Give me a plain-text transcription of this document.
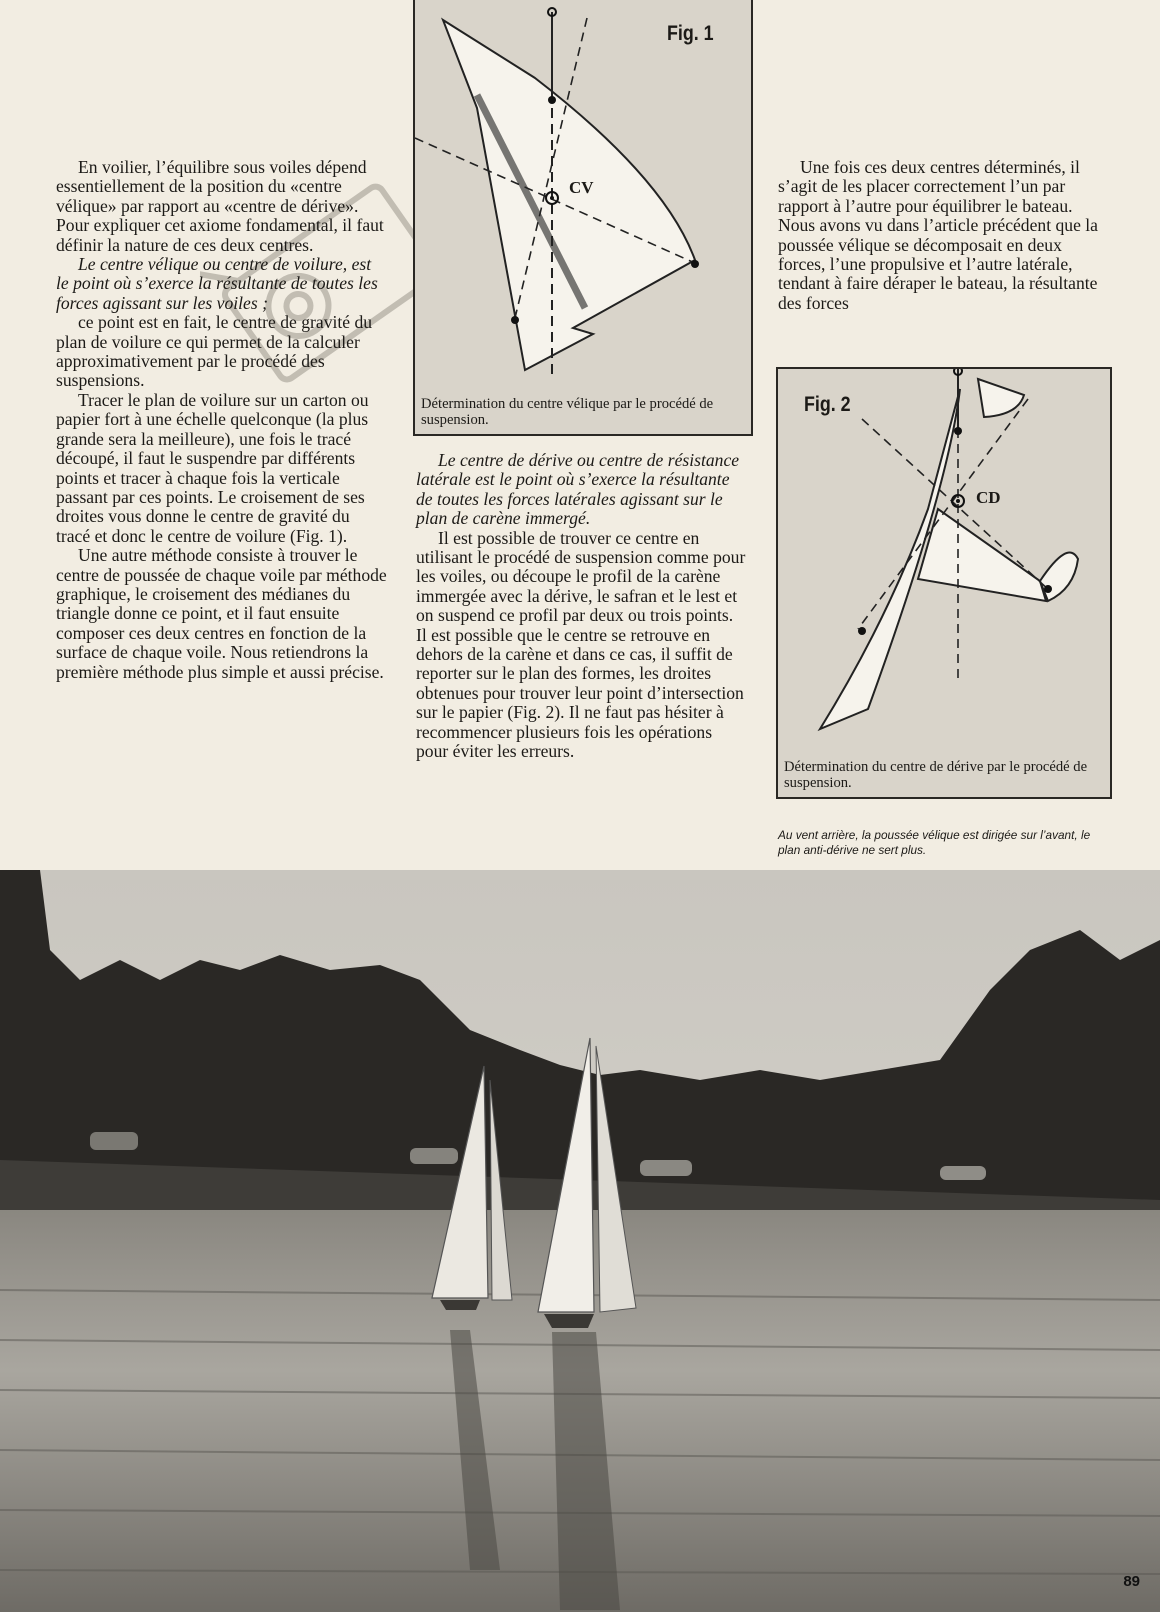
En voilier, l’équilibre sous voiles dépend essentiellement de la position du «centre vélique» par rapport au «centre de dérive». Pour expliquer cet axiome fondamental, il faut définir la nature de ces deux centres.

Le centre vélique ou centre de voilure, est le point où s’exerce la résultante de toutes les forces agissant sur les voiles ;

ce point est en fait, le centre de gravité du plan de voilure ce qui permet de la calculer approximativement par le procédé des suspensions.

Tracer le plan de voilure sur un carton ou papier fort à une échelle quelconque (la plus grande sera la meilleure), une fois le tracé découpé, il faut le suspendre par différents points et tracer à chaque fois la verticale passant par ces points. Le croisement de ses droites vous donne le centre de gravité du tracé et donc le centre de voilure (Fig. 1).

Une autre méthode consiste à trouver le centre de poussée de chaque voile par méthode graphique, le croisement des médianes du triangle donne ce point, et il faut ensuite composer ces deux centres en fonction de la surface de chaque voile. Nous retiendrons la première méthode plus simple et aussi précise.

Fig. 1
CV
Détermination du centre vélique par le procédé de suspension.

Le centre de dérive ou centre de résistance latérale est le point où s’exerce la résultante de toutes les forces latérales agissant sur le plan de carène immergé.

Il est possible de trouver ce centre en utilisant le procédé de suspension comme pour les voiles, ou découpe le profil de la carène immergée avec la dérive, le safran et le lest et on suspend ce profil par deux ou trois points. Il est possible que le centre se retrouve en dehors de la carène et dans ce cas, il suffit de reporter sur le plan des formes, les droites obtenues pour trouver leur point d’intersection sur le papier (Fig. 2). Il ne faut pas hésiter à recommencer plusieurs fois les opérations pour éviter les erreurs.

Une fois ces deux centres déterminés, il s’agit de les placer correctement l’un par rapport à l’autre pour équilibrer le bateau. Nous avons vu dans l’article précédent que la poussée vélique se décomposait en deux forces, l’une propulsive et l’autre latérale, tendant à faire déraper le bateau, la résultante des forces

Fig. 2
CD
Détermination du centre de dérive par le procédé de suspension.
Au vent arrière, la poussée vélique est dirigée sur l’avant, le plan anti-dérive ne sert plus.
89
